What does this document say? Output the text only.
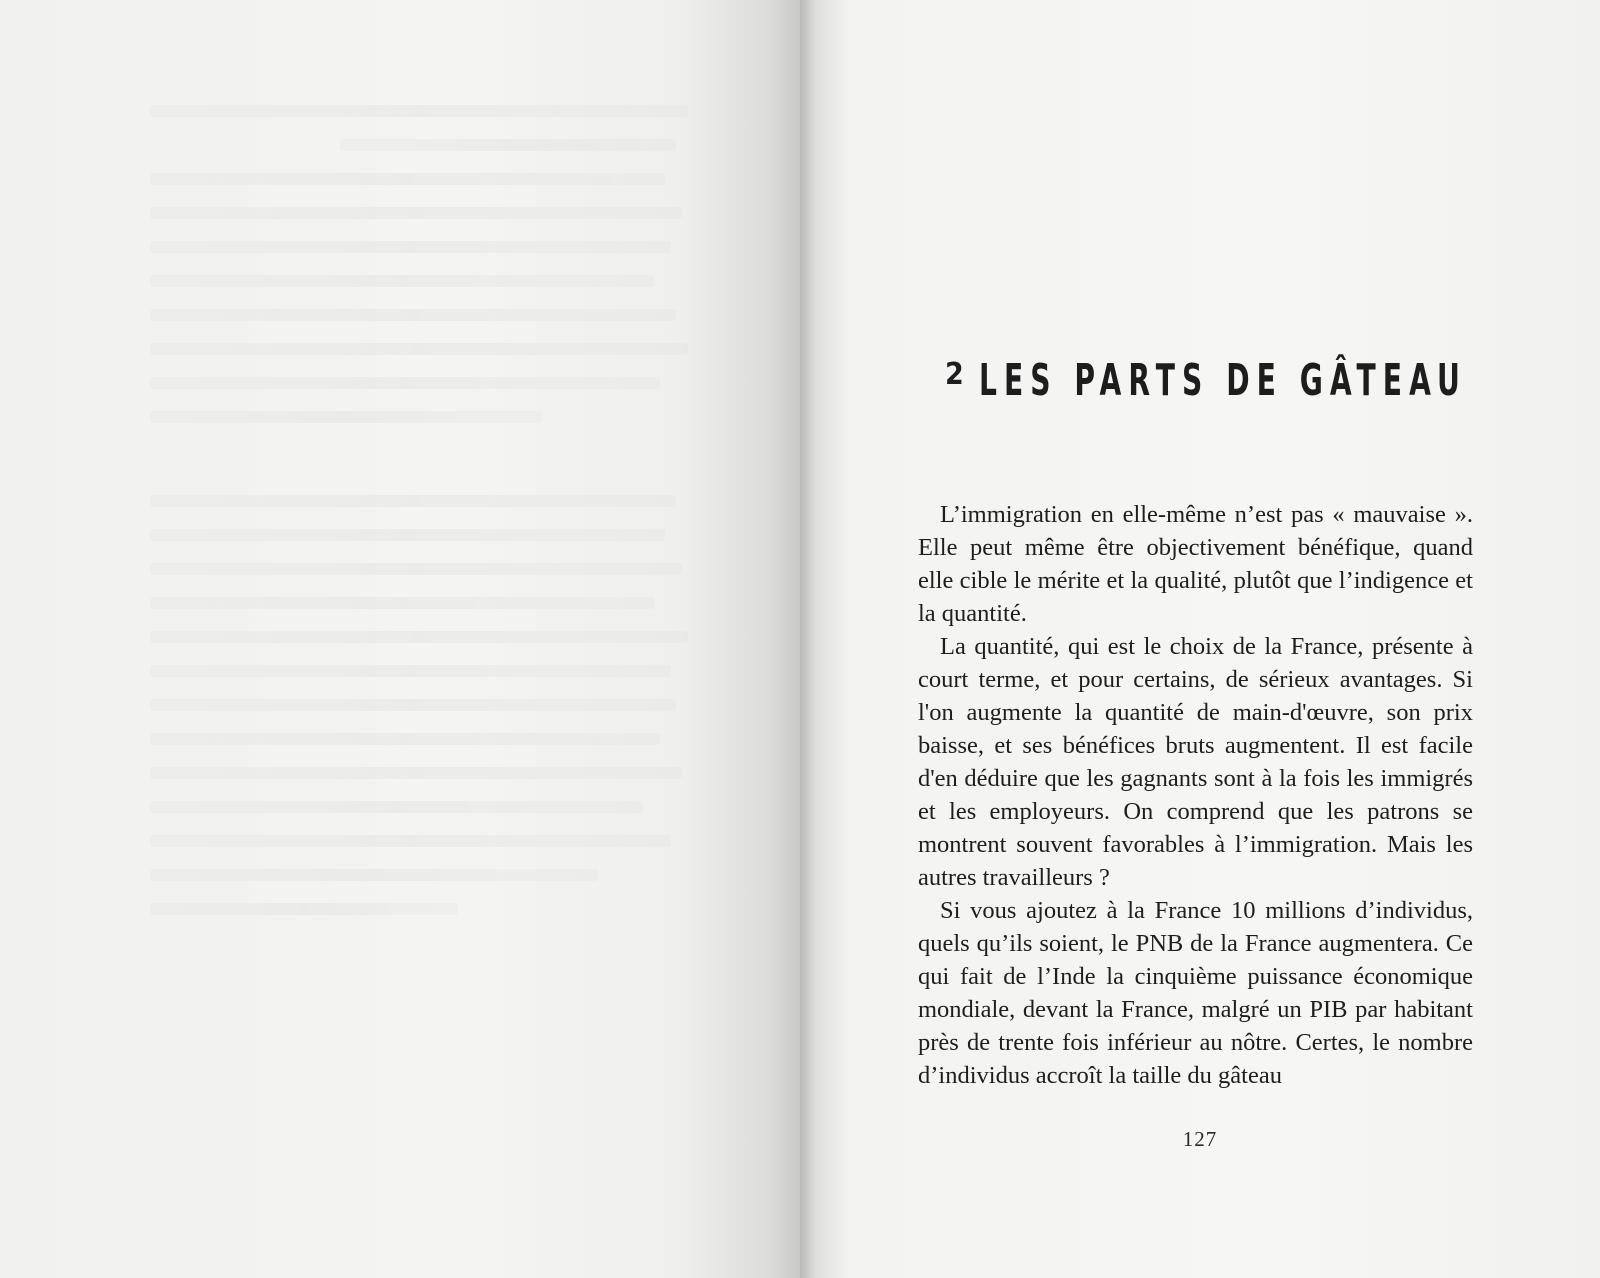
2 LES PARTS DE GÂTEAU

L’immigration en elle-même n’est pas « mauvaise ». Elle peut même être objectivement bénéfique, quand elle cible le mérite et la qualité, plutôt que l’indigence et la quantité.

La quantité, qui est le choix de la France, présente à court terme, et pour certains, de sérieux avantages. Si l'on augmente la quantité de main-d'œuvre, son prix baisse, et ses bénéfices bruts augmentent. Il est facile d'en déduire que les gagnants sont à la fois les immigrés et les employeurs. On comprend que les patrons se montrent souvent favorables à l’immigration. Mais les autres travailleurs ?

Si vous ajoutez à la France 10 millions d’individus, quels qu’ils soient, le PNB de la France augmentera. Ce qui fait de l’Inde la cinquième puissance économique mondiale, devant la France, malgré un PIB par habitant près de trente fois inférieur au nôtre. Certes, le nombre d’individus accroît la taille du gâteau

127
